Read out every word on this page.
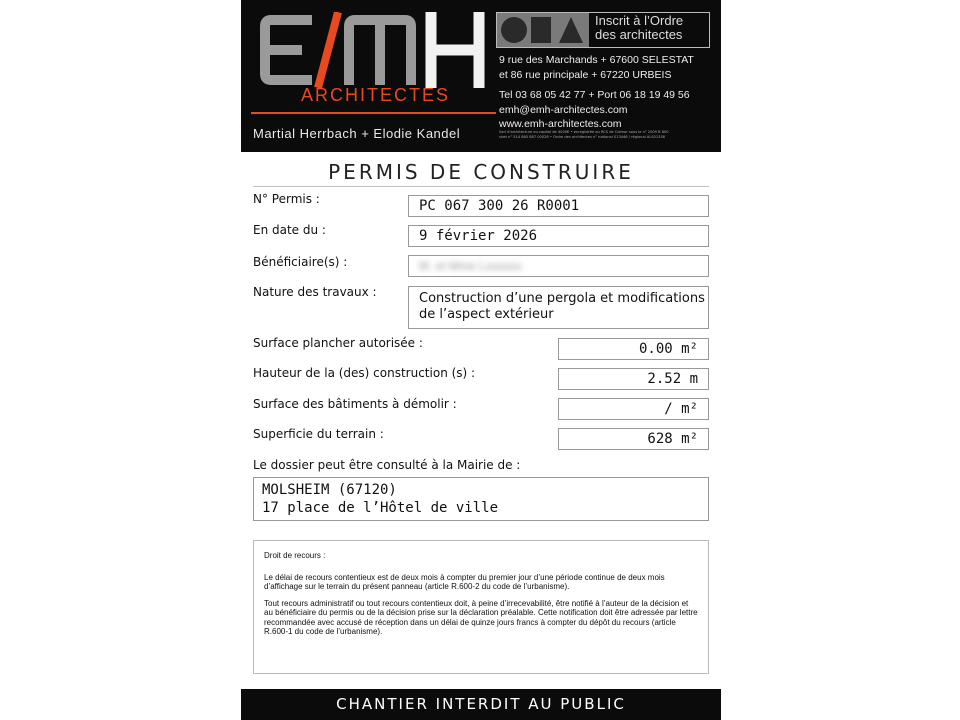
ARCHITECTES
Martial Herrbach + Elodie Kandel
Inscrit à l’Ordre
des architectes
9 rue des Marchands + 67600 SELESTAT
et 86 rue principale + 67220 URBEIS
Tel 03 68 05 42 77 + Port 06 18 19 49 56
emh@emh-architectes.com
www.emh-architectes.com
Sarl d’architecture au capital de 4000€ • enregistrée au RCS de Colmar sous le n° 2009 B 800
siret n° 514 860 887 00026 • Ordre des architectes n° national S13446 / régional ALS01338
PERMIS DE CONSTRUIRE
N° Permis :	PC 067 300 26 R0001
En date du :	9 février 2026
Bénéficiaire(s) :	M. et Mme Lxxxxxx
Nature des travaux :	Construction d’une pergola et modifications
de l’aspect extérieur
Surface plancher autorisée :	0.00 m²
Hauteur de la (des) construction (s) :	2.52 m
Surface des bâtiments à démolir :	/ m²
Superficie du terrain :	628 m²
Le dossier peut être consulté à la Mairie de :
MOLSHEIM (67120)
17 place de l’Hôtel de ville

Droit de recours :

Le délai de recours contentieux est de deux mois à compter du premier jour d’une période continue de deux mois d’affichage sur le terrain du présent panneau (article R.600-2 du code de l’urbanisme).

Tout recours administratif ou tout recours contentieux doit, à peine d’irrecevabilité, être notifié à l’auteur de la décision et au bénéficiaire du permis ou de la décision prise sur la déclaration préalable. Cette notification doit être adressée par lettre recommandée avec accusé de réception dans un délai de quinze jours francs à compter du dépôt du recours (article R.600-1 du code de l’urbanisme).

CHANTIER INTERDIT AU PUBLIC
